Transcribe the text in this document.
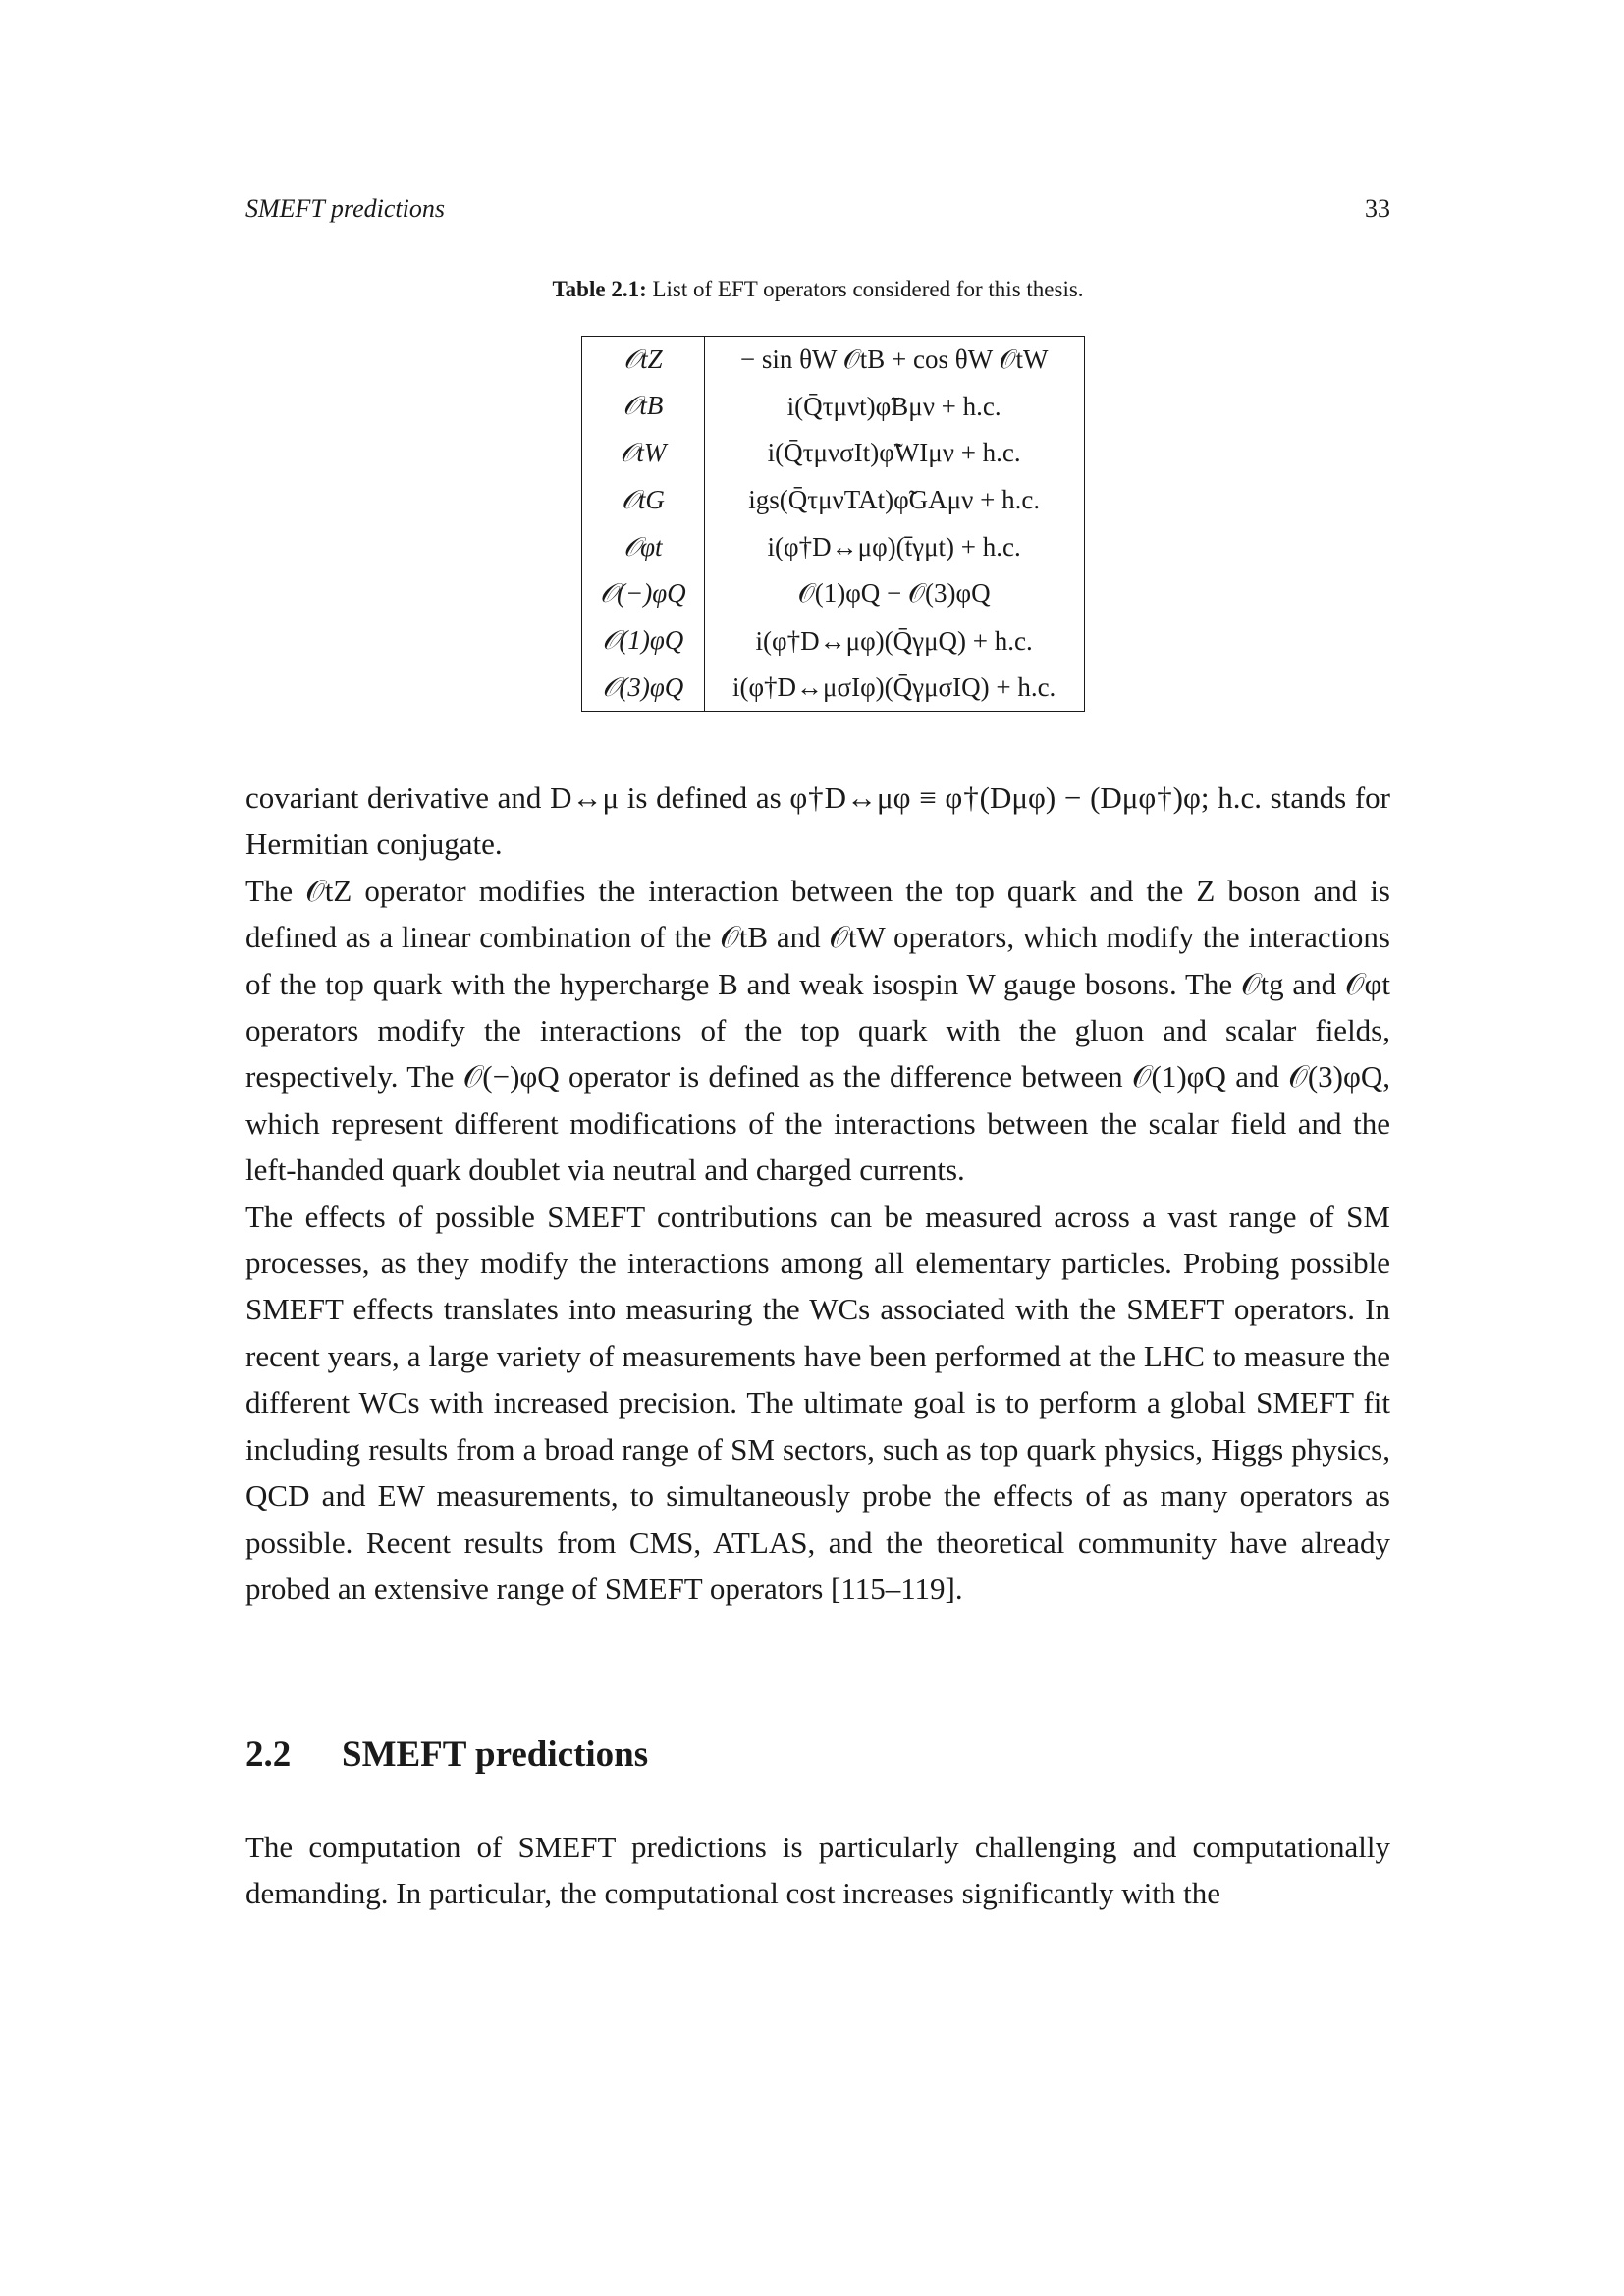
SMEFT predictions	33
Table 2.1: List of EFT operators considered for this thesis.
𝒪tZ	− sin θW 𝒪tB + cos θW 𝒪tW
𝒪tB	i(Q̄τμνt)φ̃Bμν + h.c.
𝒪tW	i(Q̄τμνσIt)φ̃WIμν + h.c.
𝒪tG	igs(Q̄τμνTAt)φ̃GAμν + h.c.
𝒪φt	i(φ†D↔μφ)(t̄γμt) + h.c.
𝒪(−)φQ	𝒪(1)φQ − 𝒪(3)φQ
𝒪(1)φQ	i(φ†D↔μφ)(Q̄γμQ) + h.c.
𝒪(3)φQ	i(φ†D↔μσIφ)(Q̄γμσIQ) + h.c.

covariant derivative and D↔μ is defined as φ†D↔μφ ≡ φ†(Dμφ) − (Dμφ†)φ; h.c. stands for Hermitian conjugate.

The 𝒪tZ operator modifies the interaction between the top quark and the Z boson and is defined as a linear combination of the 𝒪tB and 𝒪tW operators, which modify the interactions of the top quark with the hypercharge B and weak isospin W gauge bosons. The 𝒪tg and 𝒪φt operators modify the interactions of the top quark with the gluon and scalar fields, respectively. The 𝒪(−)φQ operator is defined as the difference between 𝒪(1)φQ and 𝒪(3)φQ, which represent different modifications of the interactions between the scalar field and the left-handed quark doublet via neutral and charged currents.

The effects of possible SMEFT contributions can be measured across a vast range of SM processes, as they modify the interactions among all elementary particles. Probing possible SMEFT effects translates into measuring the WCs associated with the SMEFT operators. In recent years, a large variety of measurements have been performed at the LHC to measure the different WCs with increased precision. The ultimate goal is to perform a global SMEFT fit including results from a broad range of SM sectors, such as top quark physics, Higgs physics, QCD and EW measurements, to simultaneously probe the effects of as many operators as possible. Recent results from CMS, ATLAS, and the theoretical community have already probed an extensive range of SMEFT operators [115–119].

2.2 SMEFT predictions

The computation of SMEFT predictions is particularly challenging and computationally demanding. In particular, the computational cost increases significantly with the
